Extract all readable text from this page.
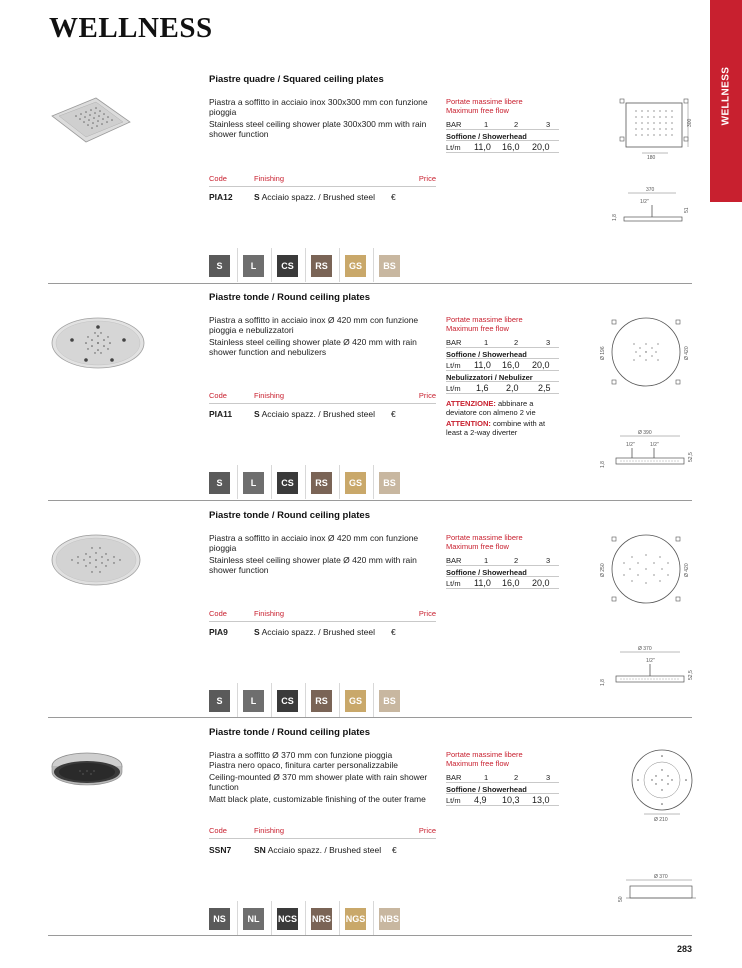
WELLNESS
WELLNESS
Piastre quadre / Squared ceiling plates

Piastra a soffitto in acciaio inox 300x300 mm con funzione pioggia

Stainless steel ceiling shower plate 300x300 mm with rain shower function

Code	Finishing	Price
PIA12	S Acciaio spazz. / Brushed steel €
Portate massime libere
Maximum free flow
BAR	1	2	3
Soffione / Showerhead
Lt/m 11,0 16,0 20,0
S	L	CS	RS	GS	BS
300
180
370
1/2"
51
1,8
Piastre tonde / Round ceiling plates

Piastra a soffitto in acciaio inox Ø 420 mm con funzione pioggia e nebulizzatori

Stainless steel ceiling shower plate Ø 420 mm with rain shower function and nebulizers

Code	Finishing	Price
PIA11	S Acciaio spazz. / Brushed steel €
Portate massime libere
Maximum free flow
BAR	1	2	3
Soffione / Showerhead
Lt/m 11,0 16,0 20,0
Nebulizzatori / Nebulizer
Lt/m 1,6 2,0 2,5
ATTENZIONE: abbinare a deviatore con almeno 2 vie
ATTENTION: combine with at least a 2-way diverter
S	L	CS	RS	GS	BS
Ø 196	Ø 420
Ø 390
1/2"	1/2"
1,8
52,5
Piastre tonde / Round ceiling plates

Piastra a soffitto in acciaio inox Ø 420 mm con funzione pioggia

Stainless steel ceiling shower plate Ø 420 mm with rain shower function

Code	Finishing	Price
PIA9	S Acciaio spazz. / Brushed steel €
Portate massime libere
Maximum free flow
BAR	1	2	3
Soffione / Showerhead
Lt/m 11,0 16,0 20,0
S	L	CS	RS	GS	BS
Ø 250	Ø 420
Ø 370
1/2"
1,8
52,5
Piastre tonde / Round ceiling plates

Piastra a soffitto Ø 370 mm con funzione pioggia

Piastra nero opaco, finitura carter personalizzabile

Ceiling-mounted Ø 370 mm shower plate with rain shower function

Matt black plate, customizable finishing of the outer frame

Code	Finishing	Price
SSN7	SN Acciaio spazz. / Brushed steel €
Portate massime libere
Maximum free flow
BAR	1	2	3
Soffione / Showerhead
Lt/m 4,9 10,3 13,0
NS	NL	NCS NRS NGS NBS
Ø 210
Ø 370
50
283
